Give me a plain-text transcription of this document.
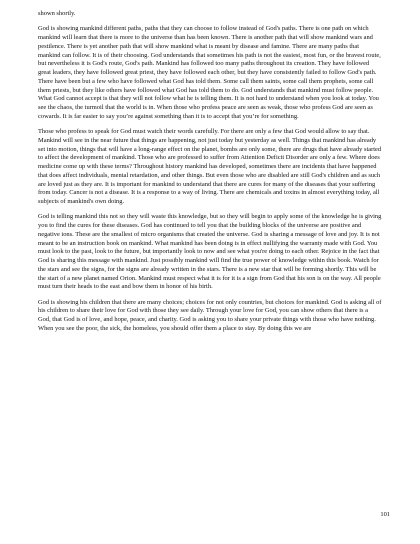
shown shortly.

God is showing mankind different paths, paths that they can choose to follow instead of God's paths. There is one path on which mankind will learn that there is more to the universe than has been known. There is another path that will show mankind wars and pestilence. There is yet another path that will show mankind what is meant by disease and famine. There are many paths that mankind can follow. It is of their choosing. God understands that sometimes his path is not the easiest, most fun, or the bravest route, but nevertheless it is God's route, God's path. Mankind has followed too many paths throughout its creation. They have followed great leaders, they have followed great priest, they have followed each other, but they have consistently failed to follow God's path. There have been but a few who have followed what God has told them. Some call them saints, some call them prophets, some call them priests, but they like others have followed what God has told them to do. God understands that mankind must follow people. What God cannot accept is that they will not follow what he is telling them. It is not hard to understand when you look at today. You see the chaos, the turmoil that the world is in. When those who profess peace are seen as weak, those who profess God are seen as cowards. It is far easier to say you’re against something than it is to accept that you’re for something.

Those who profess to speak for God must watch their words carefully. For there are only a few that God would allow to say that. Mankind will see in the near future that things are happening, not just today but yesterday as well. Things that mankind has already set into motion, things that will have a long-range effect on the planet, bombs are only some, there are drugs that have already started to affect the development of mankind. Those who are professed to suffer from Attention Deficit Disorder are only a few. Where does medicine come up with these terms? Throughout history mankind has developed, sometimes there are incidents that have happened that does affect individuals, mental retardation, and other things. But even those who are disabled are still God's children and as such are loved just as they are. It is important for mankind to understand that there are cures for many of the diseases that your suffering from today. Cancer is not a disease. It is a response to a way of living. There are chemicals and toxins in almost everything today, all subjects of mankind's own doing.

God is telling mankind this not so they will waste this knowledge, but so they will begin to apply some of the knowledge he is giving you to find the cures for these diseases. God has continued to tell you that the building blocks of the universe are positive and negative ions. These are the smallest of micro organisms that created the universe. God is sharing a message of love and joy. It is not meant to be an instruction book on mankind. What mankind has been doing is in effect nullifying the warranty made with God. You must look to the past, look to the future, but importantly look to now and see what you're doing to each other. Rejoice in the fact that God is sharing this message with mankind. Just possibly mankind will find the true power of knowledge within this book. Watch for the stars and see the signs, for the signs are already written in the stars. There is a new star that will be forming shortly. This will be the start of a new planet named Orion. Mankind must respect what it is for it is a sign from God that his son is on the way. All people must turn their heads to the east and bow them in honor of his birth.

God is showing his children that there are many choices; choices for not only countries, but choices for mankind. God is asking all of his children to share their love for God with those they see daily. Through your love for God, you can show others that there is a God, that God is of love, and hope, peace, and charity. God is asking you to share your private things with those who have nothing. When you see the poor, the sick, the homeless, you should offer them a place to stay. By doing this we are

101
